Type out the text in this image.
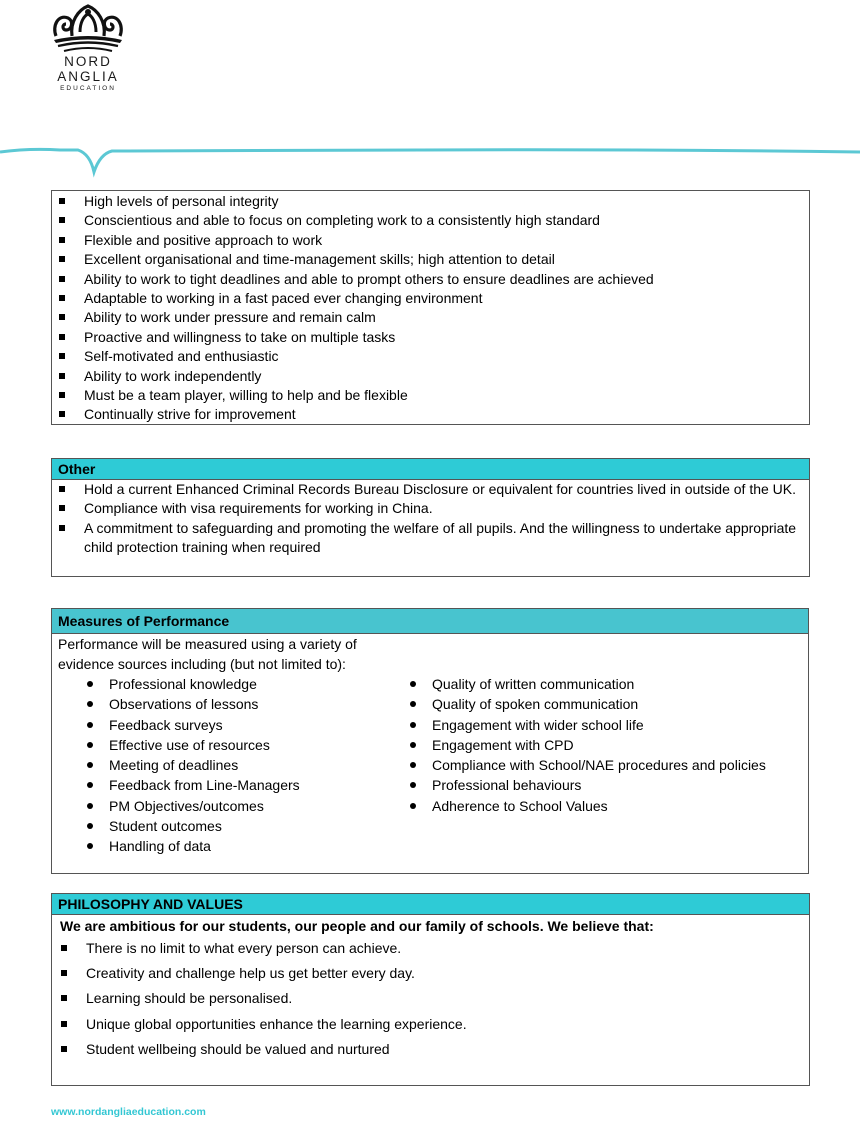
NORD
ANGLIA
EDUCATION
High levels of personal integrity
Conscientious and able to focus on completing work to a consistently high standard
Flexible and positive approach to work
Excellent organisational and time-management skills; high attention to detail
Ability to work to tight deadlines and able to prompt others to ensure deadlines are achieved
Adaptable to working in a fast paced ever changing environment
Ability to work under pressure and remain calm
Proactive and willingness to take on multiple tasks
Self-motivated and enthusiastic
Ability to work independently
Must be a team player, willing to help and be flexible
Continually strive for improvement
Other
Hold a current Enhanced Criminal Records Bureau Disclosure or equivalent for countries lived in outside of the UK.
Compliance with visa requirements for working in China.
A commitment to safeguarding and promoting the welfare of all pupils. And the willingness to undertake appropriate child protection training when required
Measures of Performance
Performance will be measured using a variety of evidence sources including (but not limited to):
Professional knowledge
Observations of lessons
Feedback surveys
Effective use of resources
Meeting of deadlines
Feedback from Line-Managers
PM Objectives/outcomes
Student outcomes
Handling of data
Quality of written communication
Quality of spoken communication
Engagement with wider school life
Engagement with CPD
Compliance with School/NAE procedures and policies
Professional behaviours
Adherence to School Values
PHILOSOPHY AND VALUES
We are ambitious for our students, our people and our family of schools. We believe that:
There is no limit to what every person can achieve.
Creativity and challenge help us get better every day.
Learning should be personalised.
Unique global opportunities enhance the learning experience.
Student wellbeing should be valued and nurtured
www.nordangliaeducation.com
